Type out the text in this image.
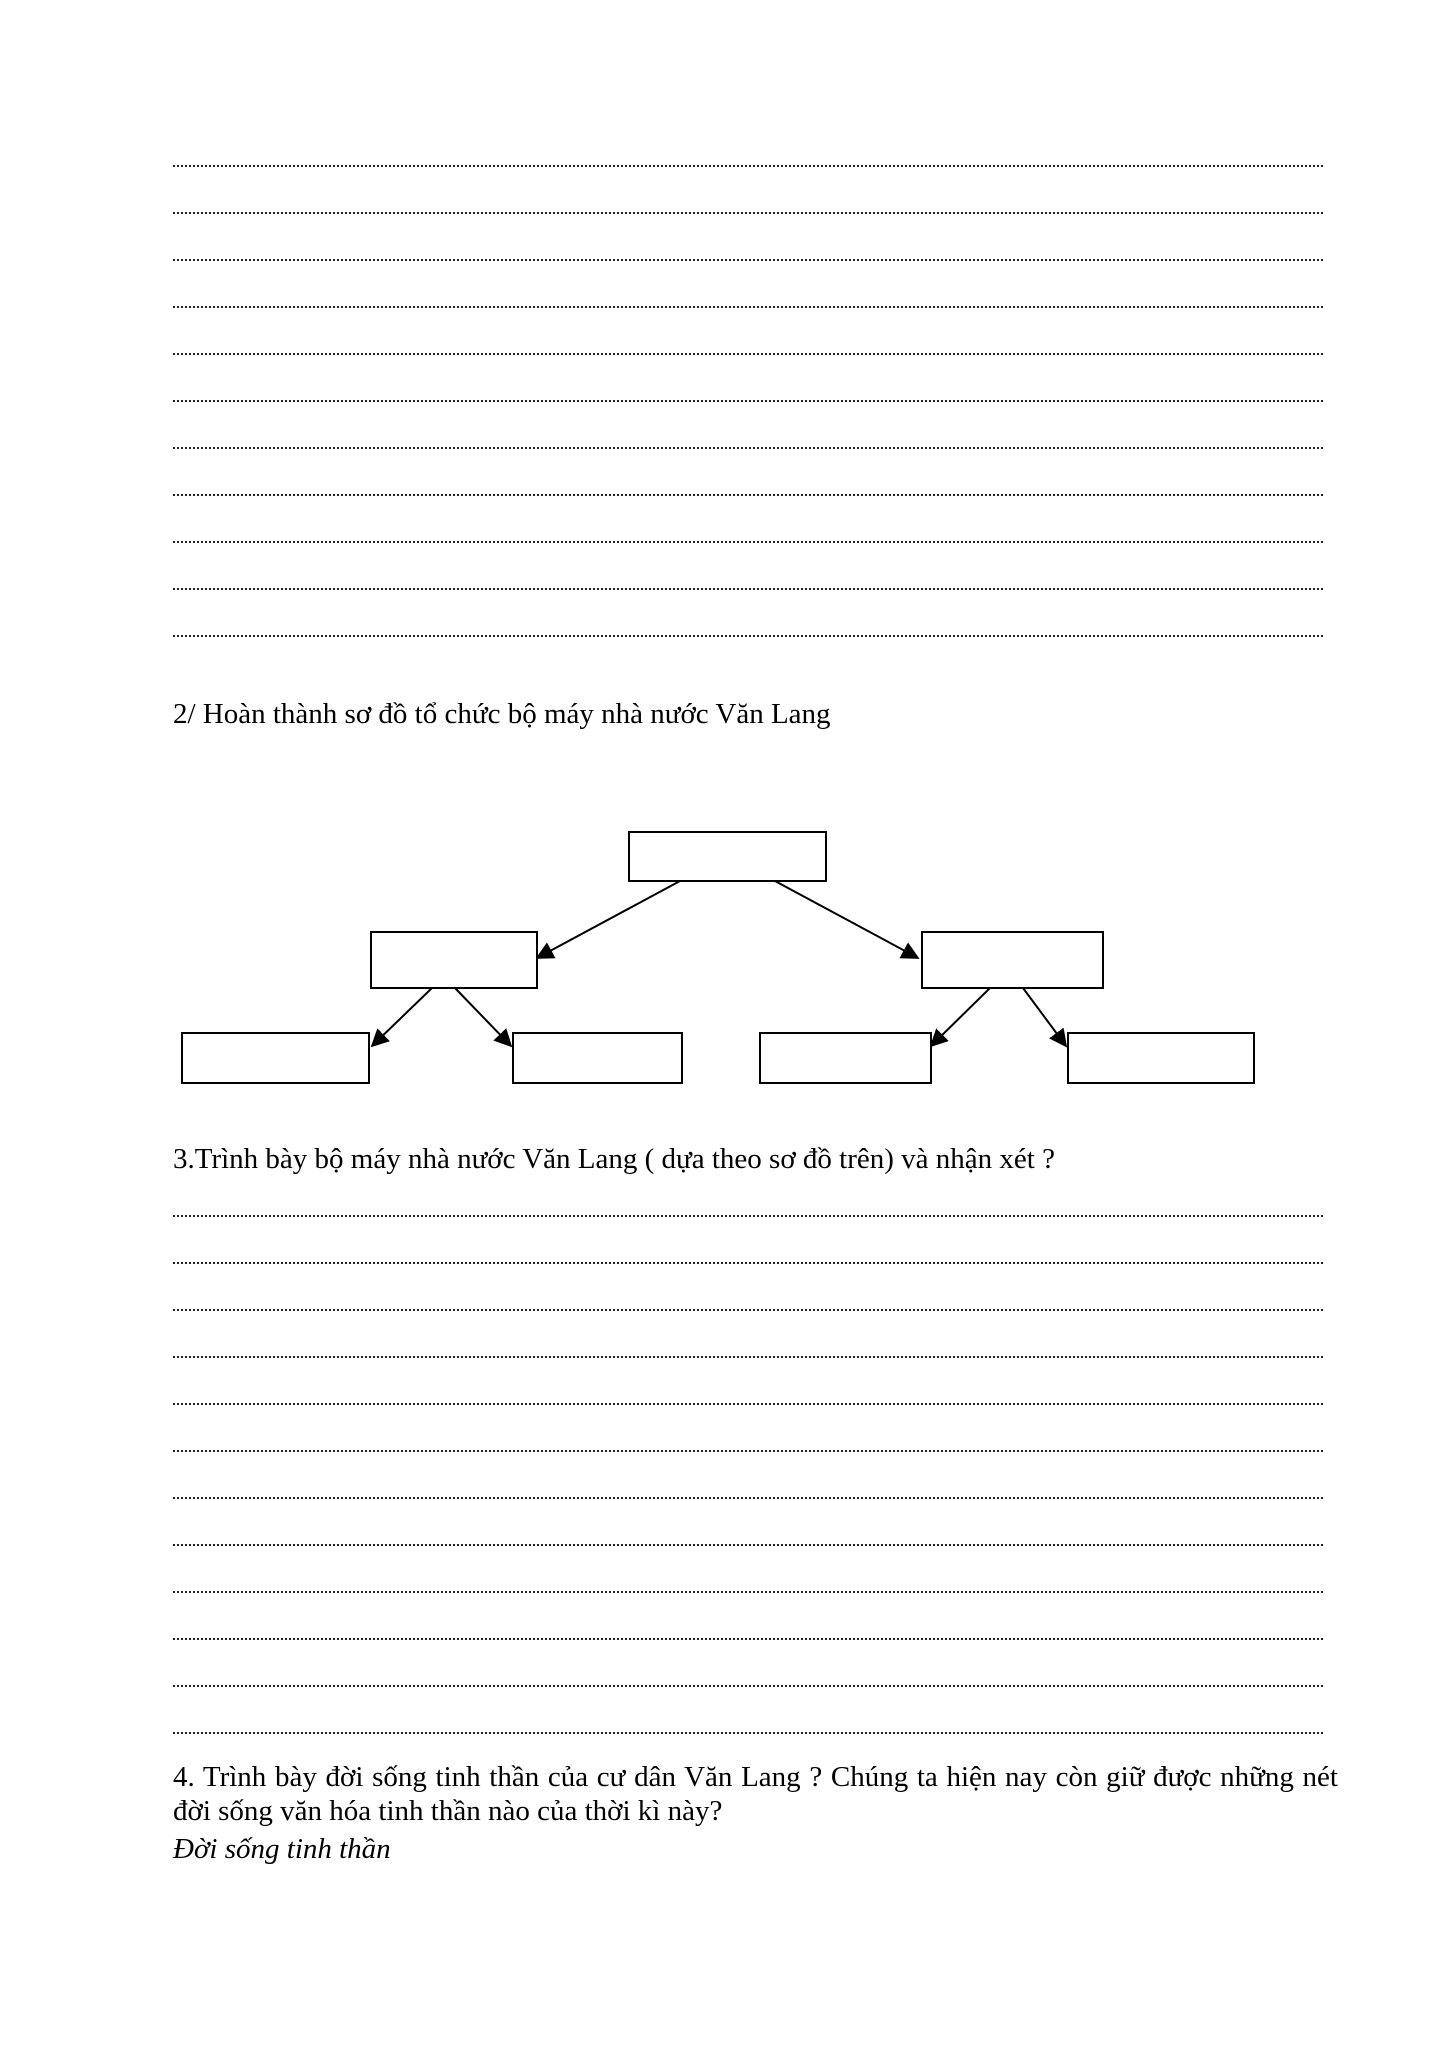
2/ Hoàn thành sơ đồ tổ chức bộ máy nhà nước Văn Lang
3.Trình bày bộ máy nhà nước Văn Lang ( dựa theo sơ đồ trên) và nhận xét ?
4. Trình bày đời sống tinh thần của cư dân Văn Lang ? Chúng ta hiện nay còn giữ được những nét đời sống văn hóa tinh thần nào của thời kì này?
Đời sống tinh thần
